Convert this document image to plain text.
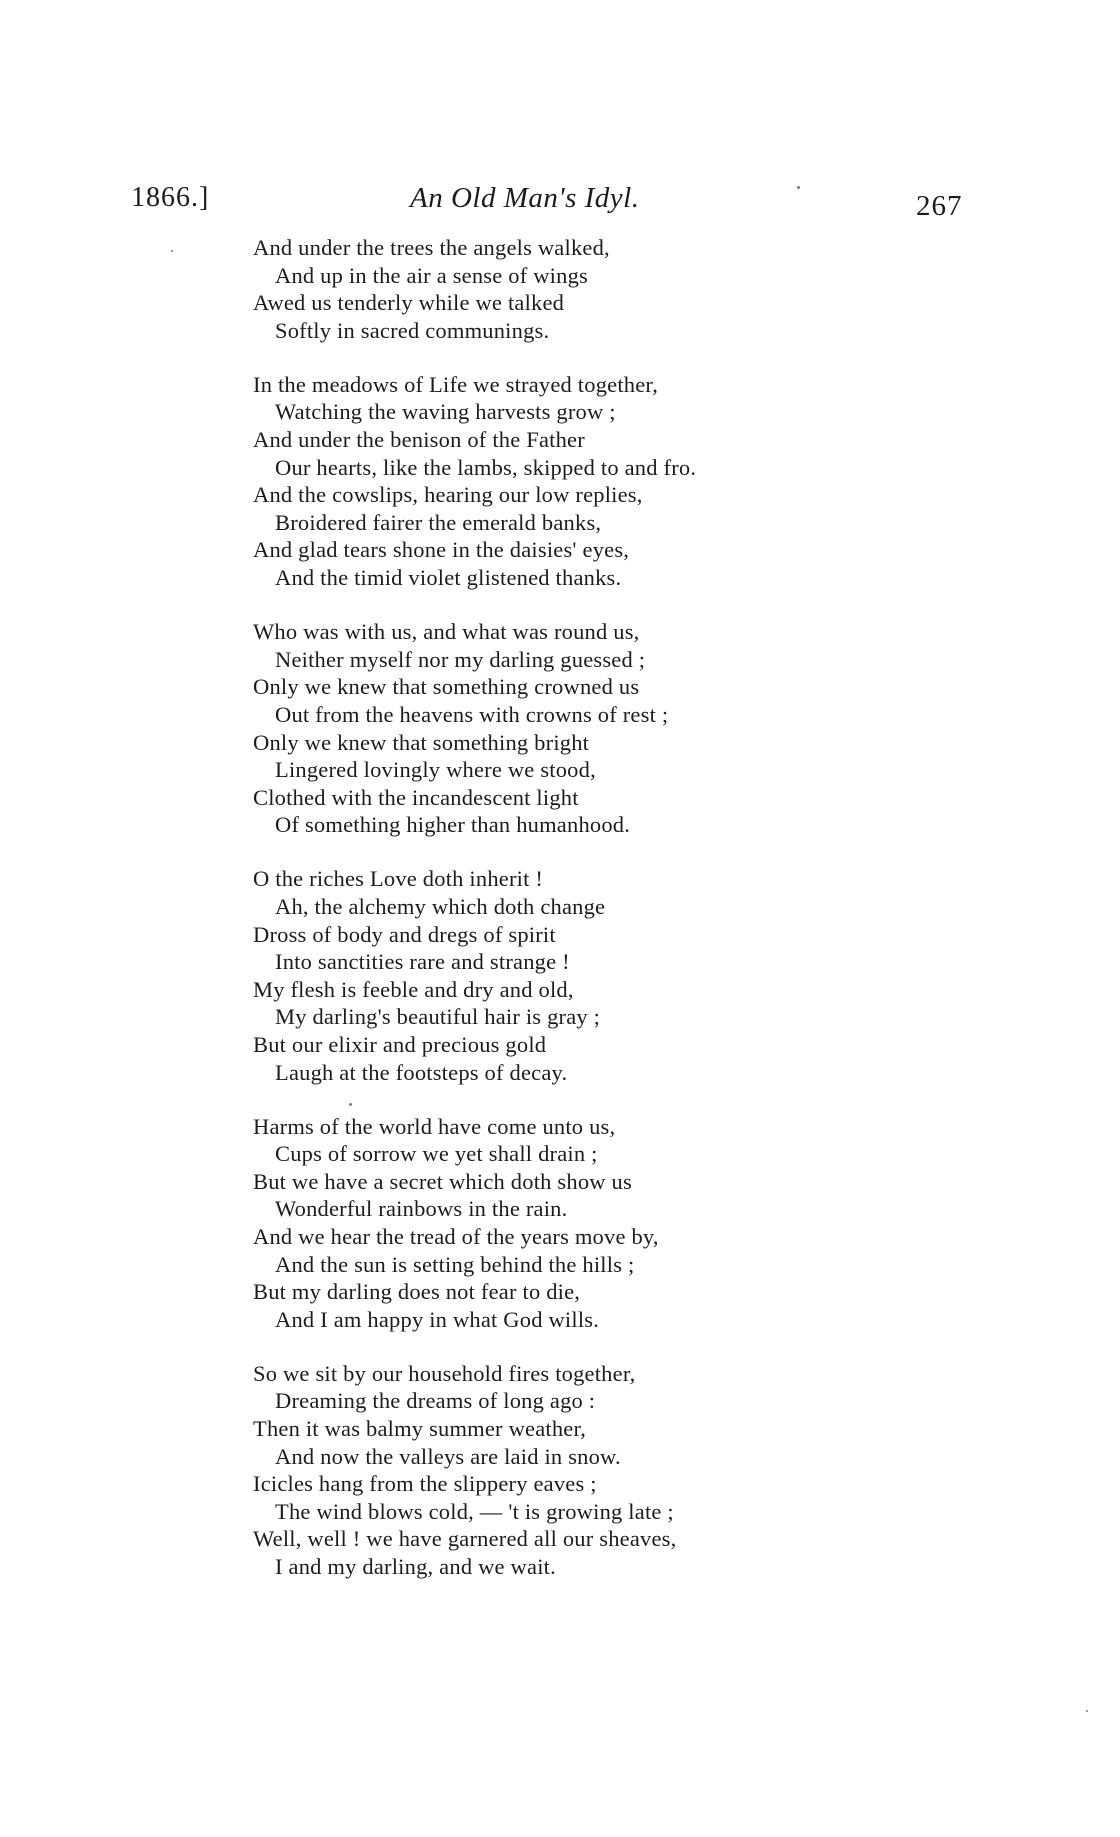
1866.]	An Old Man's Idyl.	267
And under the trees the angels walked,
And up in the air a sense of wings
Awed us tenderly while we talked
Softly in sacred communings.
In the meadows of Life we strayed together,
Watching the waving harvests grow ;
And under the benison of the Father
Our hearts, like the lambs, skipped to and fro.
And the cowslips, hearing our low replies,
Broidered fairer the emerald banks,
And glad tears shone in the daisies' eyes,
And the timid violet glistened thanks.
Who was with us, and what was round us,
Neither myself nor my darling guessed ;
Only we knew that something crowned us
Out from the heavens with crowns of rest ;
Only we knew that something bright
Lingered lovingly where we stood,
Clothed with the incandescent light
Of something higher than humanhood.
O the riches Love doth inherit !
Ah, the alchemy which doth change
Dross of body and dregs of spirit
Into sanctities rare and strange !
My flesh is feeble and dry and old,
My darling's beautiful hair is gray ;
But our elixir and precious gold
Laugh at the footsteps of decay.
Harms of the world have come unto us,
Cups of sorrow we yet shall drain ;
But we have a secret which doth show us
Wonderful rainbows in the rain.
And we hear the tread of the years move by,
And the sun is setting behind the hills ;
But my darling does not fear to die,
And I am happy in what God wills.
So we sit by our household fires together,
Dreaming the dreams of long ago :
Then it was balmy summer weather,
And now the valleys are laid in snow.
Icicles hang from the slippery eaves ;
The wind blows cold, — 't is growing late ;
Well, well ! we have garnered all our sheaves,
I and my darling, and we wait.
